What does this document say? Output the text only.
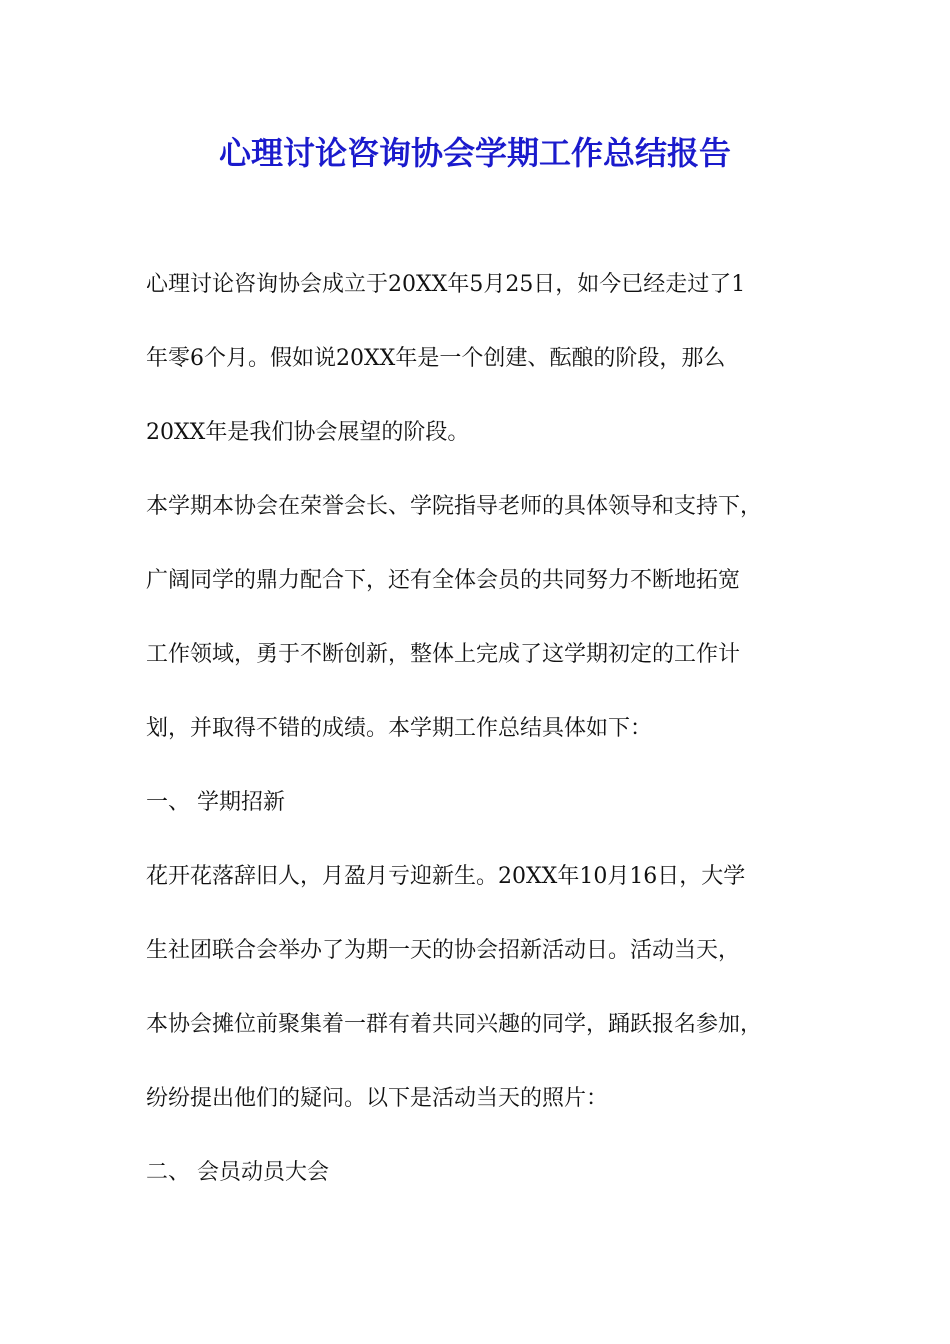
心理讨论咨询协会学期工作总结报告
心理讨论咨询协会成立于20XX年5月25日，如今已经走过了1
年零6个月。假如说20XX年是一个创建、酝酿的阶段，那么
20XX年是我们协会展望的阶段。
本学期本协会在荣誉会长、学院指导老师的具体领导和支持下，
广阔同学的鼎力配合下，还有全体会员的共同努力不断地拓宽
工作领域，勇于不断创新，整体上完成了这学期初定的工作计
划，并取得不错的成绩。本学期工作总结具体如下：
一、 学期招新
花开花落辞旧人，月盈月亏迎新生。20XX年10月16日，大学
生社团联合会举办了为期一天的协会招新活动日。活动当天，
本协会摊位前聚集着一群有着共同兴趣的同学，踊跃报名参加，
纷纷提出他们的疑问。以下是活动当天的照片：
二、 会员动员大会
